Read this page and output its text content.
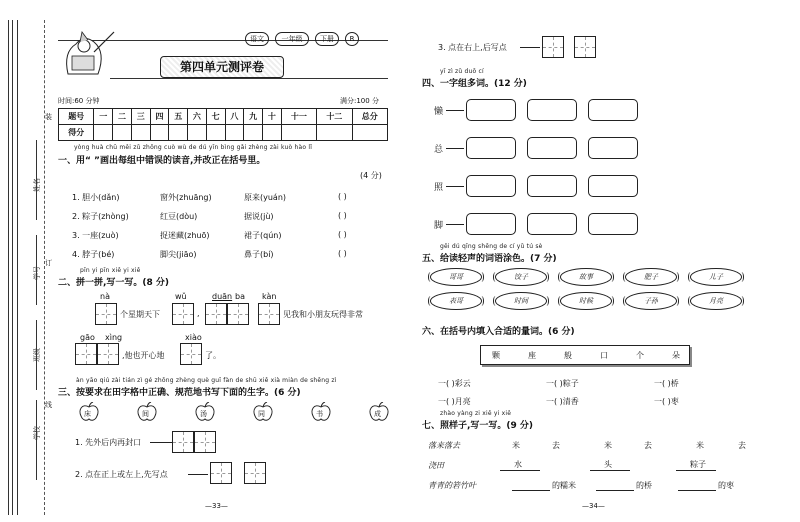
姓名
学号
班级
学校
装
订
线
语文	一年级	下册	R
第四单元测评卷
时间:60 分钟	满分:100 分
题号	一	二	三	四	五	六	七	八	九	十	十一	十二	总分
得分													
yòng huà chū měi zǔ zhōng cuò wù de dú yīn bìng gǎi zhèng zài kuò hào lǐ
一、用“ ”画出每组中错误的读音,并改正在括号里。
(4 分)
pīn yi pīn xiě yi xiě
二、拼一拼,写一写。(8 分)
nà	wǔ	duān ba kàn
个星期天下	,	见我和小朋友玩得非常
gāo xìng	xiào
,他也开心地	了。
àn yāo qiú zài tián zì gé zhōng zhèng què guī fàn de shū xiě xià miàn de shēng zì
三、按要求在田字格中正确、规范地书写下面的生字。(6 分)
1. 先外后内再封口
2. 点在正上或左上,先写点
—33—
3. 点在右上,后写点
yī zì zǔ duō cí
四、一字组多词。(12 分)
gěi dú qīng shēng de cí yǔ tú sè
五、给读轻声的词语涂色。(7 分)
六、在括号内填入合适的量词。(6 分)
zhào yàng zi xiě yi xiě
七、照样子,写一写。(9 分)
落来落去
浇田
青青的箬竹叶
—34—
1. 胆小(dǎn)	窗外(zhuāng)	原来(yuán)	( )
2. 粽子(zhòng)	红豆(dòu)	据说(jù)	( )
3. 一座(zuò)	捉迷藏(zhuō)	裙子(qún)	( )
4. 脖子(bé)	脚尖(jiāo)	鼻子(bí)	( )
床	间	汤	同	书	成
懒
总
照
脚
哥哥	饺子	故事	肥子	儿子
表哥	时间	时候	子孙	月亮
颗	座	般	口	个	朵
一( )彩云	一( )粽子	一( )桥
一( )月亮	一( )清香	一( )枣
米	去	米	去	米	去
水	头	粽子
的糯米	的桥	的枣
